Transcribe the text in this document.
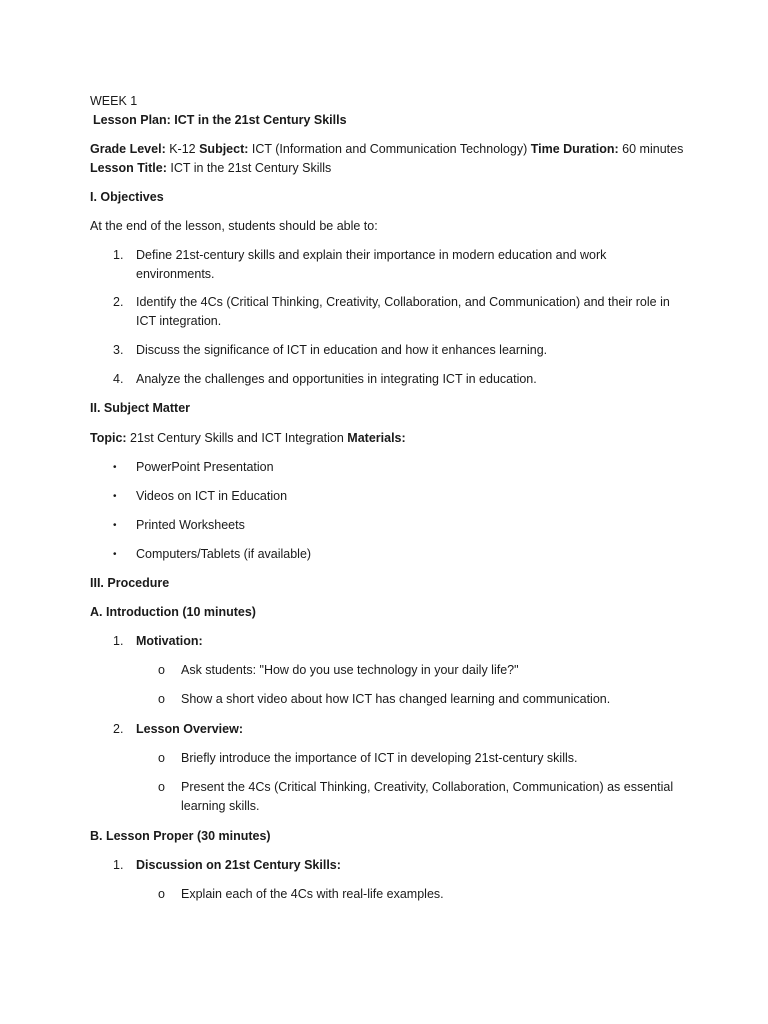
WEEK 1
Lesson Plan: ICT in the 21st Century Skills
Grade Level: K-12 Subject: ICT (Information and Communication Technology) Time Duration: 60 minutes
Lesson Title: ICT in the 21st Century Skills
I. Objectives
At the end of the lesson, students should be able to:
1. Define 21st-century skills and explain their importance in modern education and work
environments.
2. Identify the 4Cs (Critical Thinking, Creativity, Collaboration, and Communication) and their role in
ICT integration.
3. Discuss the significance of ICT in education and how it enhances learning.
4. Analyze the challenges and opportunities in integrating ICT in education.
II. Subject Matter
Topic: 21st Century Skills and ICT Integration Materials:
• PowerPoint Presentation
• Videos on ICT in Education
• Printed Worksheets
• Computers/Tablets (if available)
III. Procedure
A. Introduction (10 minutes)
1. Motivation:
o Ask students: "How do you use technology in your daily life?"
o Show a short video about how ICT has changed learning and communication.
2. Lesson Overview:
o Briefly introduce the importance of ICT in developing 21st-century skills.
o Present the 4Cs (Critical Thinking, Creativity, Collaboration, Communication) as essential
learning skills.
B. Lesson Proper (30 minutes)
1. Discussion on 21st Century Skills:
o Explain each of the 4Cs with real-life examples.
